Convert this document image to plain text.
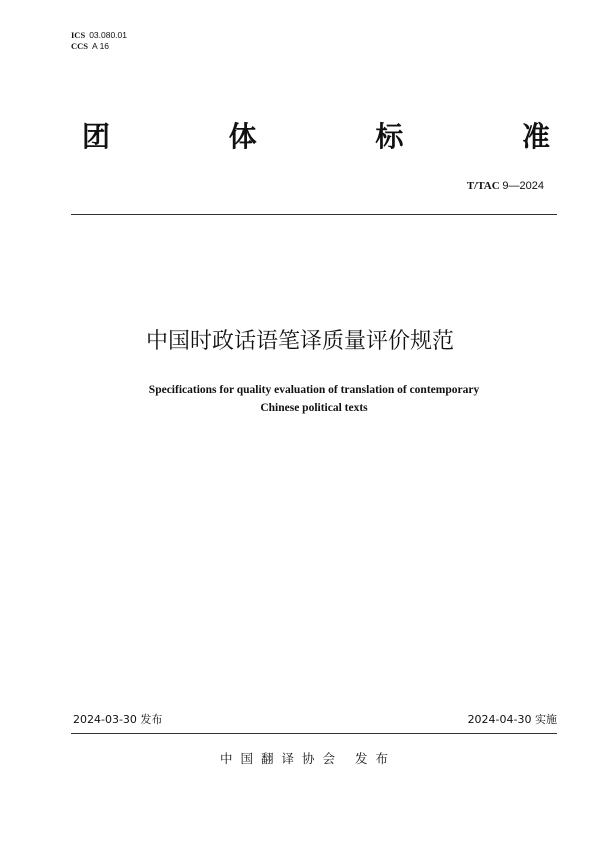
ICS 03.080.01
CCS A 16
团	体	标	准
T/TAC 9—2024
中国时政话语笔译质量评价规范
Specifications for quality evaluation of translation of contemporary
Chinese political texts
2024-03-30 发布	2024-04-30 实施
中国翻译协会 发布
